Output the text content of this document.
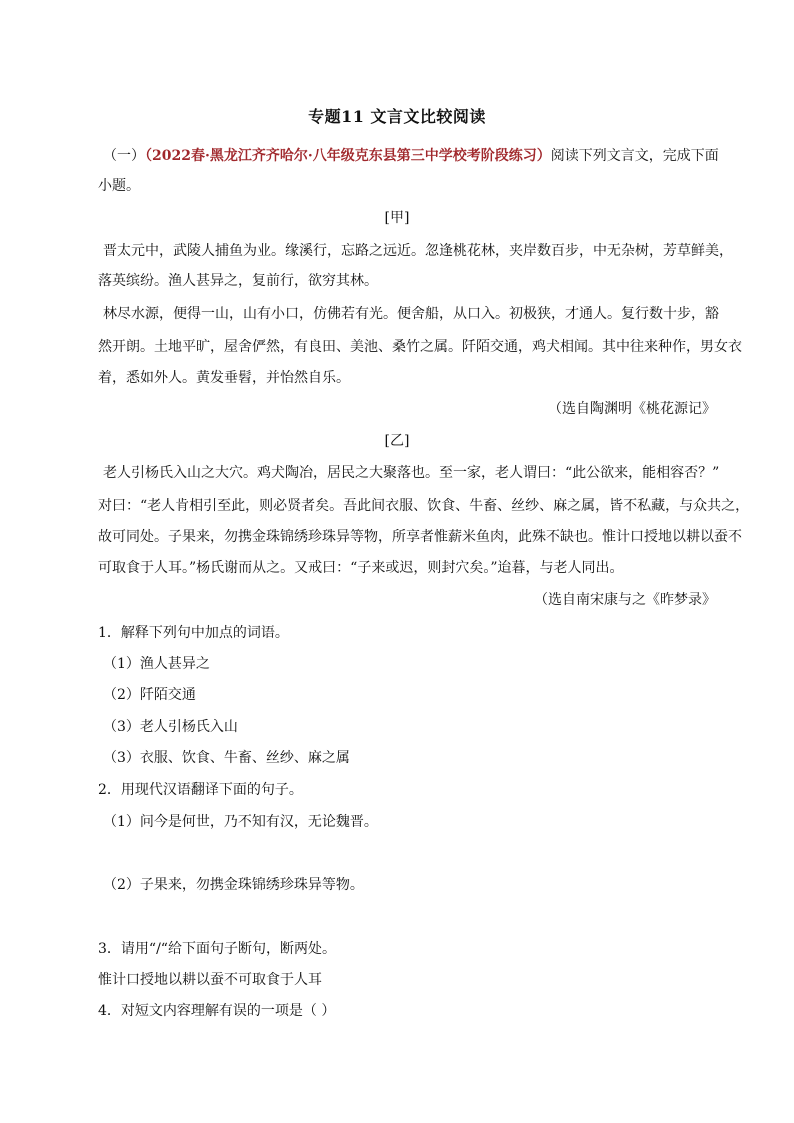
专题11 文言文比较阅读
（一）（2022春·黑龙江齐齐哈尔·八年级克东县第三中学校考阶段练习）阅读下列文言文，完成下面
小题。
[甲]
晋太元中，武陵人捕鱼为业。缘溪行，忘路之远近。忽逢桃花林，夹岸数百步，中无杂树，芳草鲜美，
落英缤纷。渔人甚异之，复前行，欲穷其林。
林尽水源，便得一山，山有小口，仿佛若有光。便舍船，从口入。初极狭，才通人。复行数十步，豁
然开朗。土地平旷，屋舍俨然，有良田、美池、桑竹之属。阡陌交通，鸡犬相闻。其中往来种作，男女衣
着，悉如外人。黄发垂髫，并怡然自乐。
（选自陶渊明《桃花源记》
[乙]
老人引杨氏入山之大穴。鸡犬陶冶，居民之大聚落也。至一家，老人谓曰：“此公欲来，能相容否？”
对曰：“老人肯相引至此，则必贤者矣。吾此间衣服、饮食、牛畜、丝纱、麻之属，皆不私藏，与众共之，
故可同处。子果来，勿携金珠锦绣珍珠异等物，所享者惟薪米鱼肉，此殊不缺也。惟计口授地以耕以蚕不
可取食于人耳。”杨氏谢而从之。又戒曰：“子来或迟，则封穴矣。”迨暮，与老人同出。
（选自南宋康与之《昨梦录》
1．解释下列句中加点的词语。
（1）渔人甚异之
（2）阡陌交通
（3）老人引杨氏入山
（3）衣服、饮食、牛畜、丝纱、麻之属
2．用现代汉语翻译下面的句子。
（1）问今是何世，乃不知有汉，无论魏晋。
（2）子果来，勿携金珠锦绣珍珠异等物。
3．请用“/“给下面句子断句，断两处。
惟计口授地以耕以蚕不可取食于人耳
4．对短文内容理解有误的一项是（ ）
